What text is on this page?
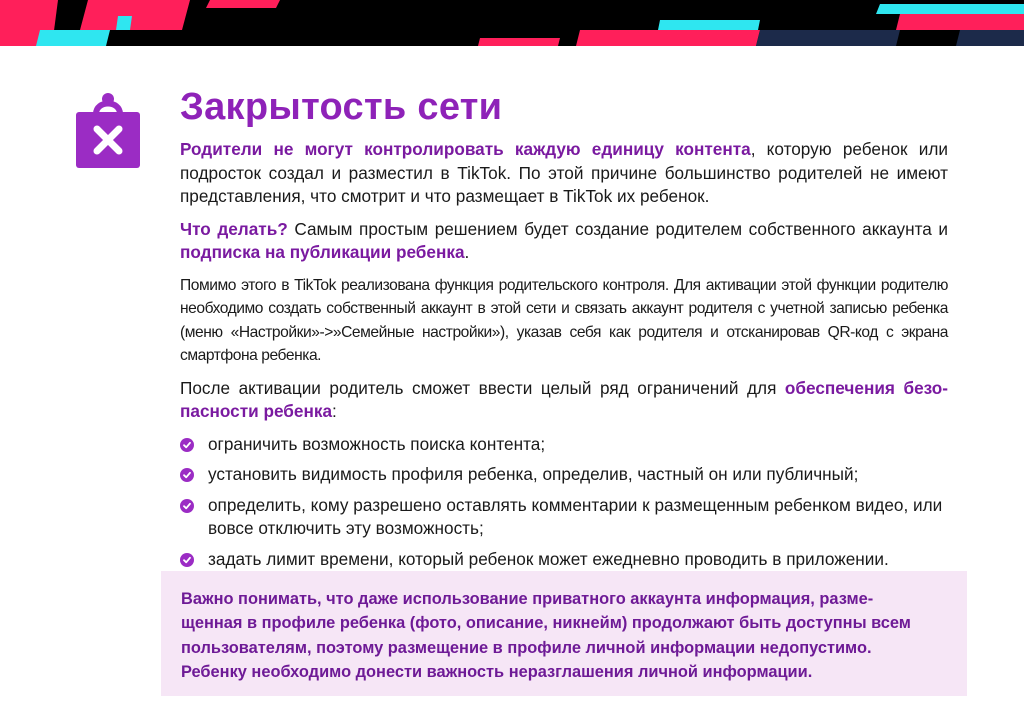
Закрытость сети

Родители не могут контролировать каждую единицу контента, которую ребенок или подросток создал и разместил в TikTok. По этой причине большинство родителей не имеют представления, что смотрит и что размещает в TikTok их ребенок.

Что делать? Самым простым решением будет создание родителем собственного аккаунта и подписка на публикации ребенка.

Помимо этого в TikTok реализована функция родительского контроля. Для активации этой функции родителю необходимо создать собственный аккаунт в этой сети и связать аккаунт родителя с учетной записью ребенка (меню «Настройки»->»Семейные настройки»), указав себя как родителя и отсканировав QR-код с экрана смартфона ребенка.

После активации родитель сможет ввести целый ряд ограничений для обеспечения безопасности ребенка:

ограничить возможность поиска контента;
установить видимость профиля ребенка, определив, частный он или публичный;
определить, кому разрешено оставлять комментарии к размещенным ребенком видео, или вовсе отключить эту возможность;
задать лимит времени, который ребенок может ежедневно проводить в приложении.

Важно понимать, что даже использование приватного аккаунта информация, размещенная в профиле ребенка (фото, описание, никнейм) продолжают быть доступны всем пользователям, поэтому размещение в профиле личной информации недопустимо. Ребенку необходимо донести важность неразглашения личной информации.
